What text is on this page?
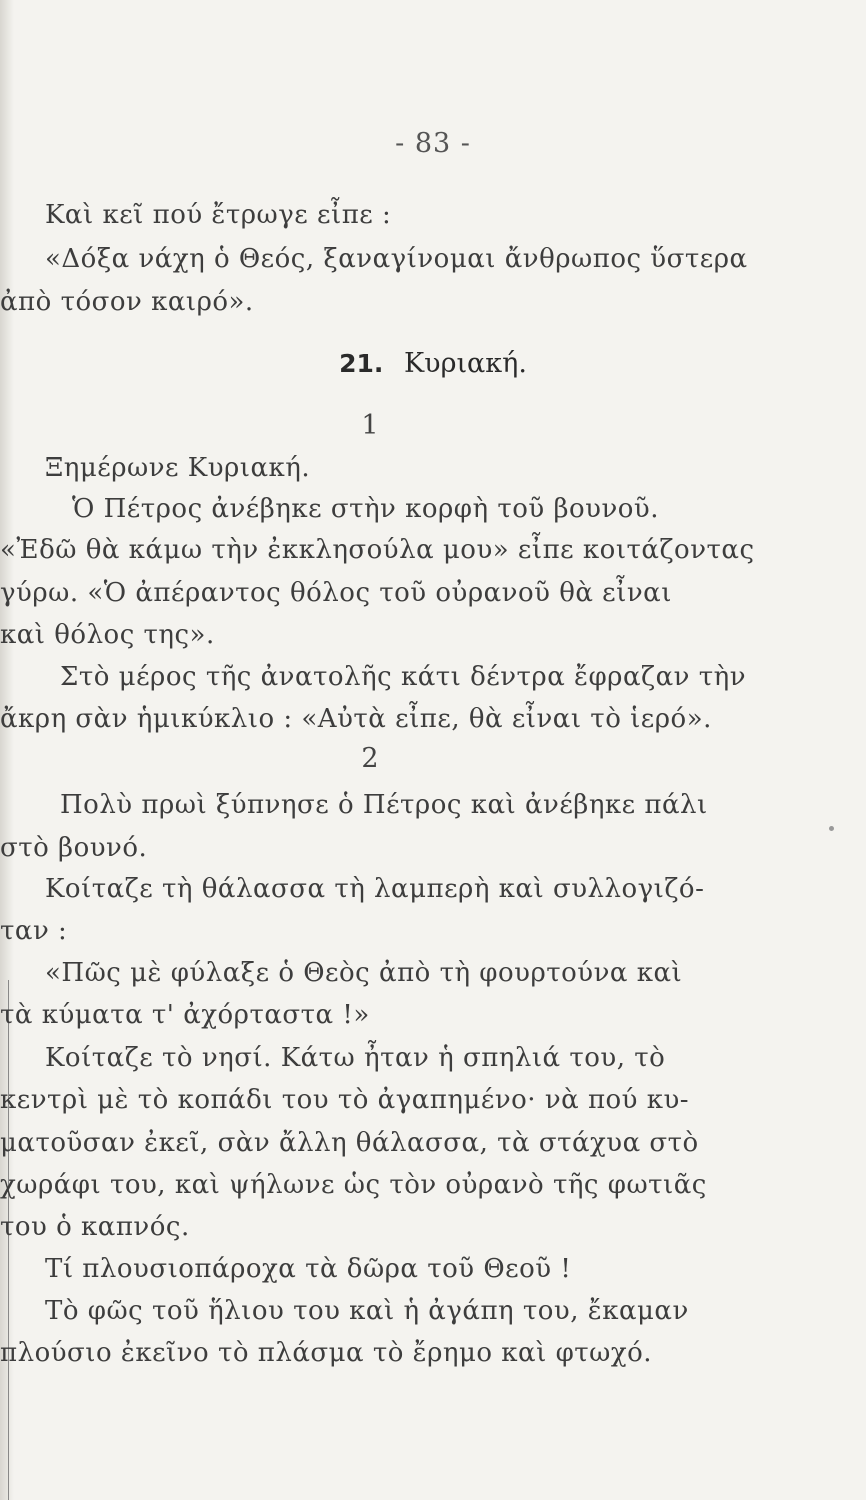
- 83 -
Καὶ κεῖ πού ἔτρωγε εἶπε :
«Δόξα νάχη ὁ Θεός, ξαναγίνομαι ἄνθρωπος ὕστερα
ἀπὸ τόσον καιρό».
21. Κυριακή.
1
Ξημέρωνε Κυριακή.
Ὁ Πέτρος ἀνέβηκε στὴν κορφὴ τοῦ βουνοῦ.
«Ἐδῶ θὰ κάμω τὴν ἐκκλησούλα μου» εἶπε κοιτάζοντας
γύρω. «Ὁ ἀπέραντος θόλος τοῦ οὐρανοῦ θὰ εἶναι
καὶ θόλος της».
Στὸ μέρος τῆς ἀνατολῆς κάτι δέντρα ἔφραζαν τὴν
ἄκρη σὰν ἡμικύκλιο : «Αὐτὰ εἶπε, θὰ εἶναι τὸ ἱερό».
2
Πολὺ πρωὶ ξύπνησε ὁ Πέτρος καὶ ἀνέβηκε πάλι
στὸ βουνό.
Κοίταζε τὴ θάλασσα τὴ λαμπερὴ καὶ συλλογιζό-
ταν :
«Πῶς μὲ φύλαξε ὁ Θεὸς ἀπὸ τὴ φουρτούνα καὶ
τὰ κύματα τ' ἀχόρταστα !»
Κοίταζε τὸ νησί. Κάτω ἦταν ἡ σπηλιά του, τὸ
κεντρὶ μὲ τὸ κοπάδι του τὸ ἀγαπημένο· νὰ πού κυ-
ματοῦσαν ἐκεῖ, σὰν ἄλλη θάλασσα, τὰ στάχυα στὸ
χωράφι του, καὶ ψήλωνε ὡς τὸν οὐρανὸ τῆς φωτιᾶς
του ὁ καπνός.
Τί πλουσιοπάροχα τὰ δῶρα τοῦ Θεοῦ !
Τὸ φῶς τοῦ ἥλιου του καὶ ἡ ἀγάπη του, ἔκαμαν
πλούσιο ἐκεῖνο τὸ πλάσμα τὸ ἔρημο καὶ φτωχό.
